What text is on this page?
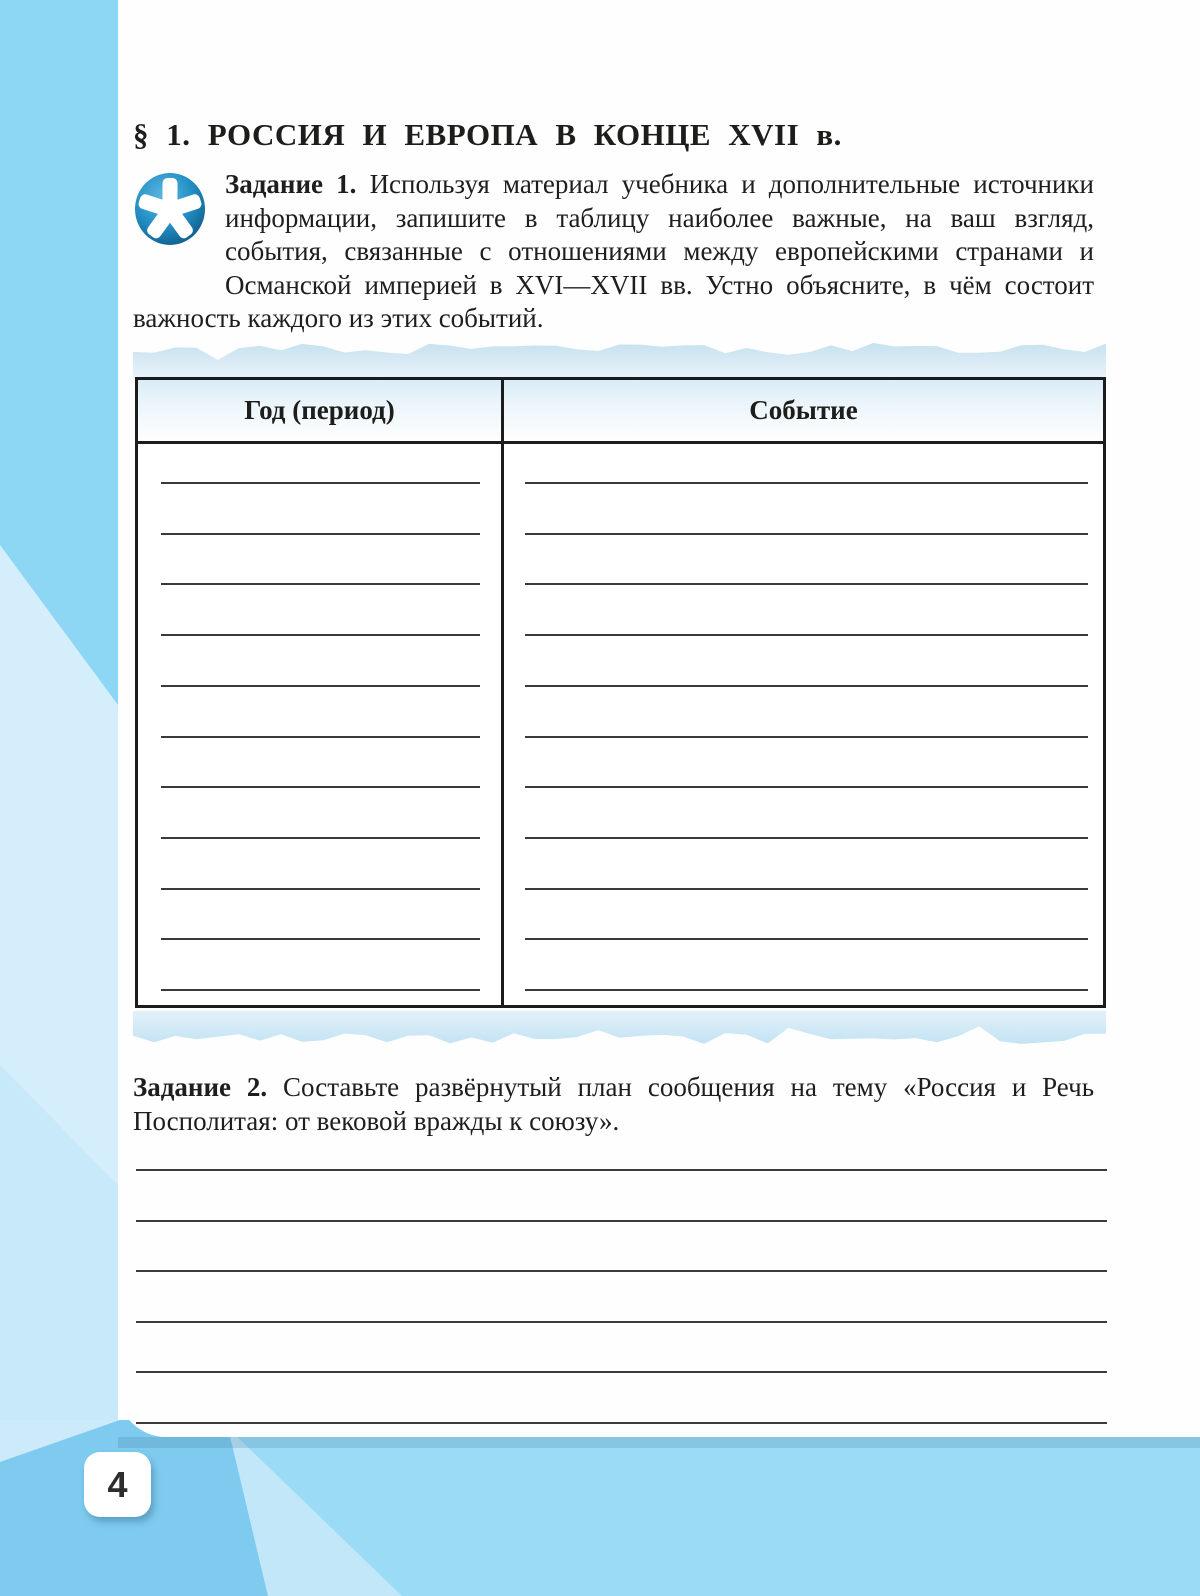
§ 1. РОССИЯ И ЕВРОПА В КОНЦЕ XVII в.
Задание 1. Используя материал учебника и дополнительные источники информации, запишите в таблицу наиболее важные, на ваш взгляд, события, связанные с отношениями между европейскими странами и Османской империей в XVI—XVII вв. Устно объясните, в чём состоит важность каждого из этих событий.
Год (период)	Событие
Задание 2. Составьте развёрнутый план сообщения на тему «Россия и Речь Посполитая: от вековой вражды к союзу».
4
